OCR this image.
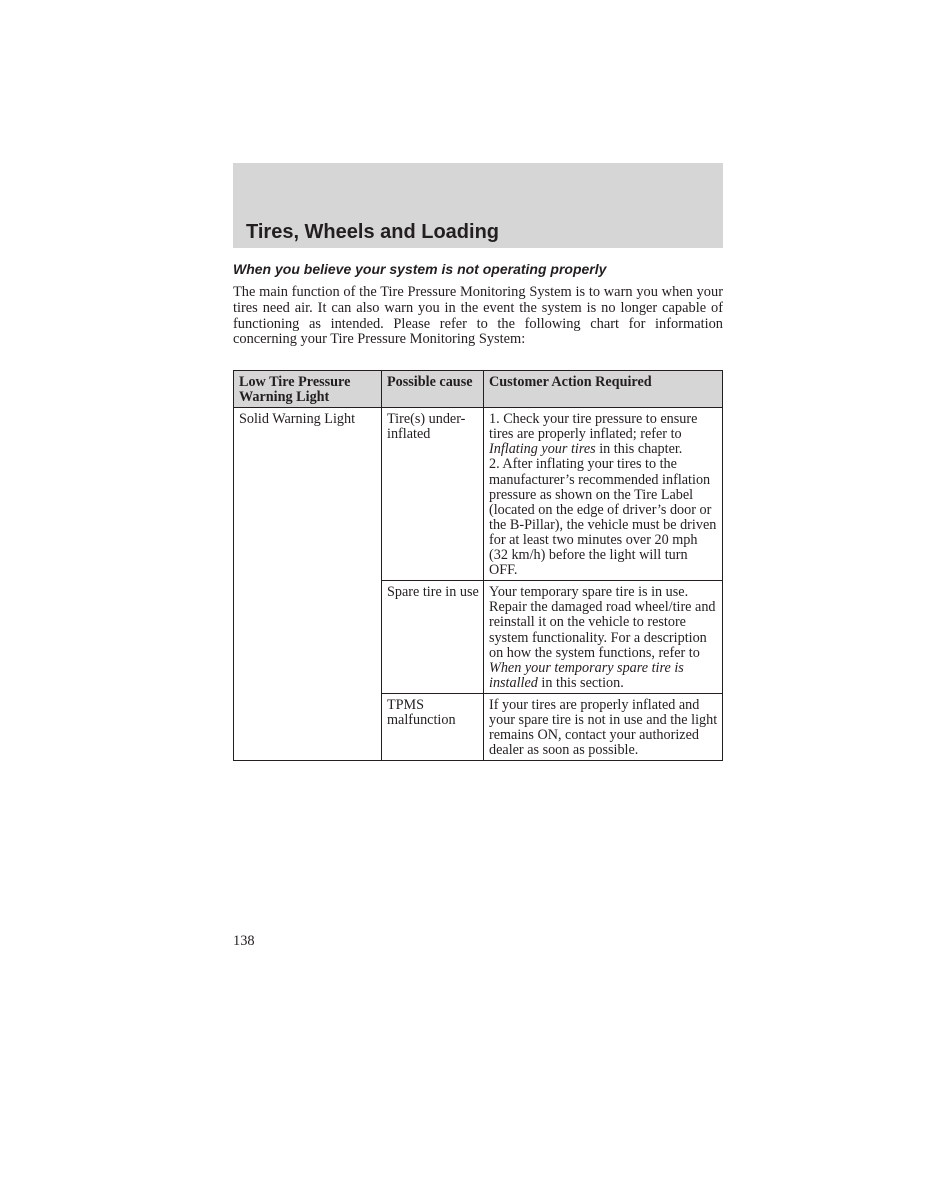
Tires, Wheels and Loading
When you believe your system is not operating properly

The main function of the Tire Pressure Monitoring System is to warn you when your tires need air. It can also warn you in the event the system is no longer capable of functioning as intended. Please refer to the following chart for information concerning your Tire Pressure Monitoring System:

Low Tire Pressure Warning Light	Possible cause	Customer Action Required
Solid Warning Light	Tire(s) under-inflated	1. Check your tire pressure to ensure tires are properly inflated; refer to Inflating your tires in this chapter.
2. After inflating your tires to the manufacturer’s recommended inflation pressure as shown on the Tire Label (located on the edge of driver’s door or the B-Pillar), the vehicle must be driven for at least two minutes over 20 mph (32 km/h) before the light will turn OFF.
	Spare tire in use	Your temporary spare tire is in use. Repair the damaged road wheel/tire and reinstall it on the vehicle to restore system functionality. For a description on how the system functions, refer to When your temporary spare tire is installed in this section.
	TPMS malfunction	If your tires are properly inflated and your spare tire is not in use and the light remains ON, contact your authorized dealer as soon as possible.

138
